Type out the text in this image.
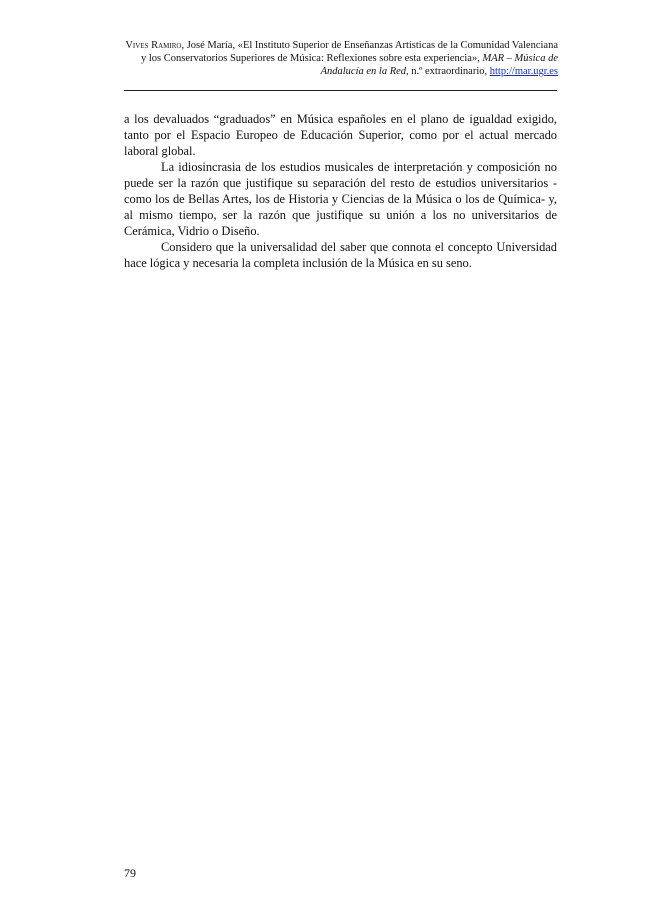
Vives Ramiro, José María, «El Instituto Superior de Enseñanzas Artísticas de la Comunidad Valenciana y los Conservatorios Superiores de Música: Reflexiones sobre esta experiencia», MAR – Música de Andalucía en la Red, n.º extraordinario, http://mar.ugr.es

a los devaluados “graduados” en Música españoles en el plano de igualdad exigido, tanto por el Espacio Europeo de Educación Superior, como por el actual mercado laboral global.

La idiosincrasia de los estudios musicales de interpretación y composición no puede ser la razón que justifique su separación del resto de estudios universitarios -como los de Bellas Artes, los de Historia y Ciencias de la Música o los de Química- y, al mismo tiempo, ser la razón que justifique su unión a los no universitarios de Cerámica, Vidrio o Diseño.

Considero que la universalidad del saber que connota el concepto Universidad hace lógica y necesaria la completa inclusión de la Música en su seno.

79
